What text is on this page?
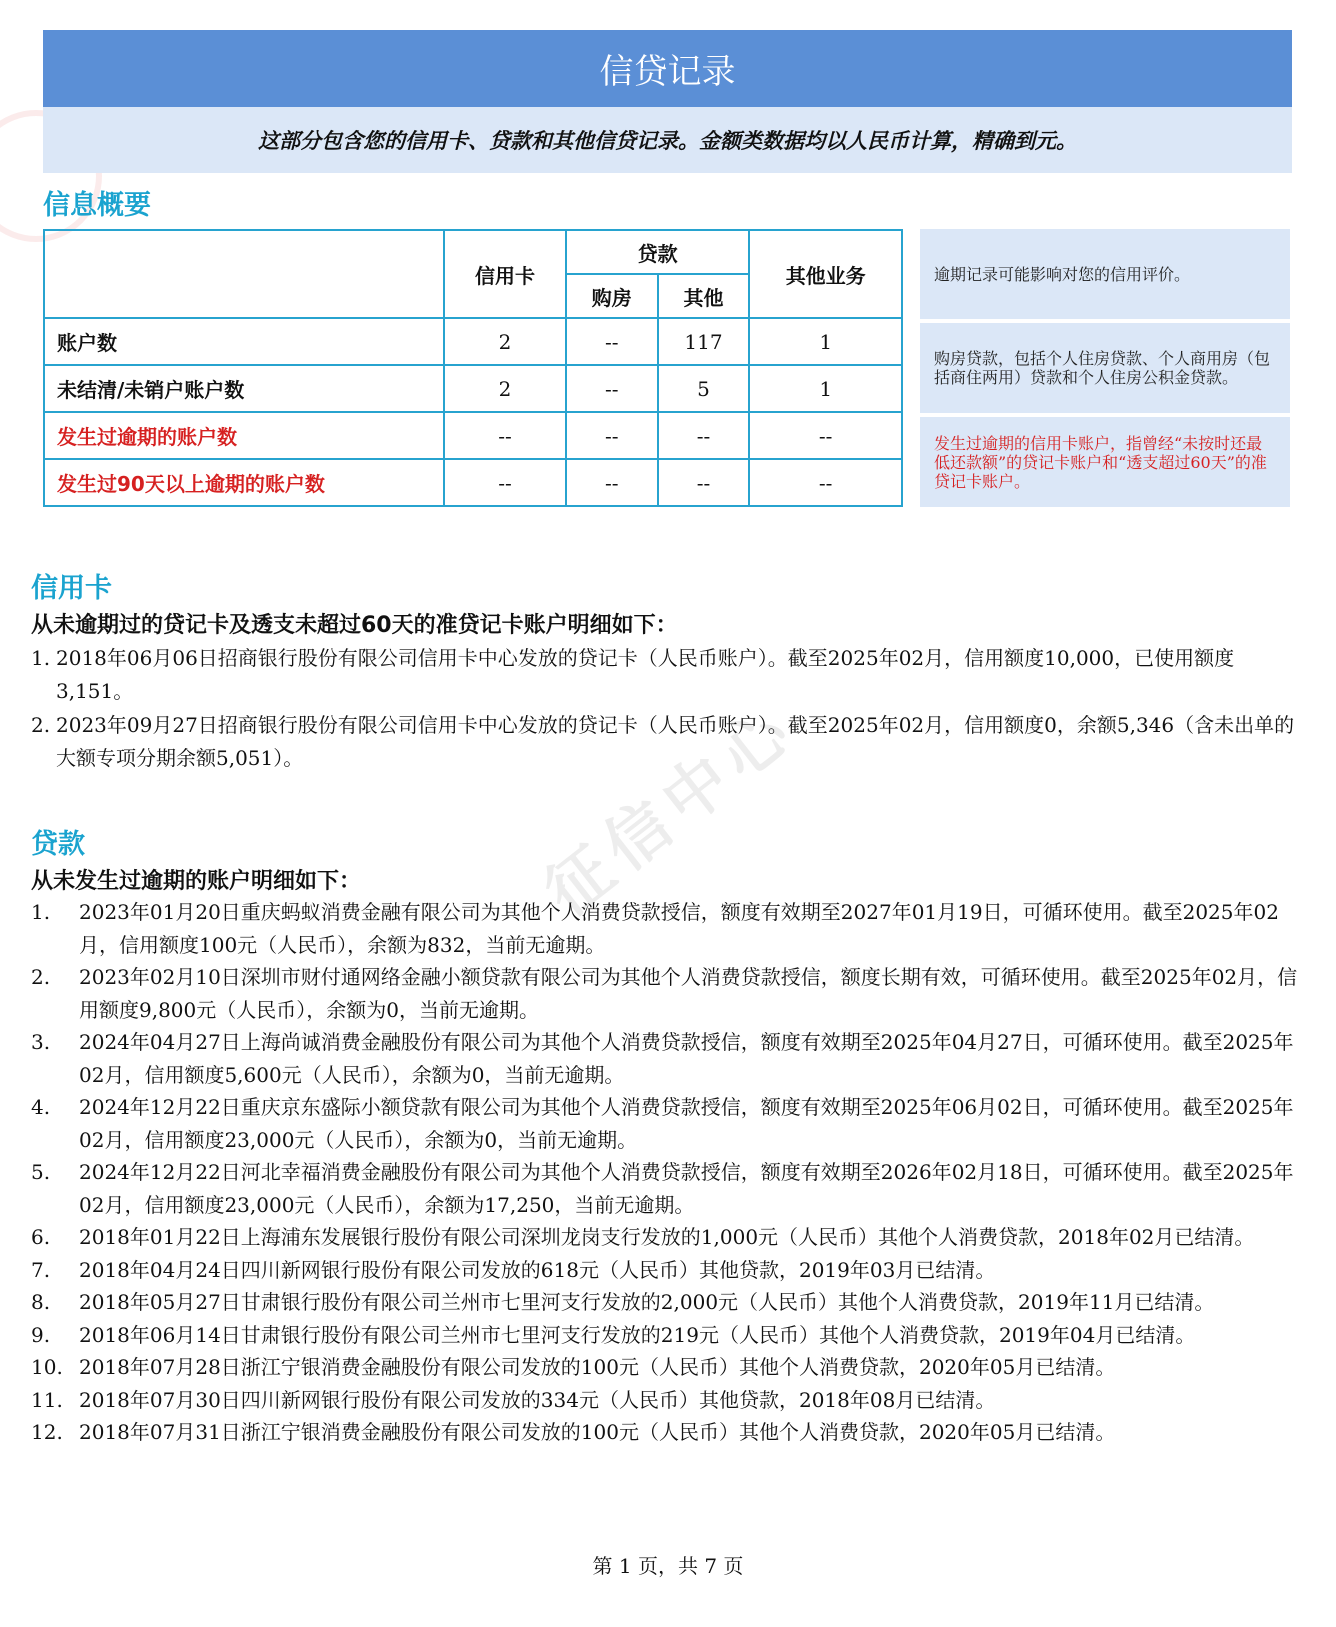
征信中心
信贷记录
这部分包含您的信用卡、贷款和其他信贷记录。金额类数据均以人民币计算，精确到元。
信息概要
	信用卡	贷款		其他业务
		购房	其他	
账户数	2	--	117	1
未结清/未销户账户数	2	--	5	1
发生过逾期的账户数	--	--	--	--
发生过90天以上逾期的账户数	--	--	--	--
逾期记录可能影响对您的信用评价。
购房贷款，包括个人住房贷款、个人商用房（包括商住两用）贷款和个人住房公积金贷款。
发生过逾期的信用卡账户，指曾经“未按时还最低还款额”的贷记卡账户和“透支超过60天”的准贷记卡账户。
信用卡
从未逾期过的贷记卡及透支未超过60天的准贷记卡账户明细如下：
1. 2018年06月06日招商银行股份有限公司信用卡中心发放的贷记卡（人民币账户）。截至2025年02月，信用额度10,000，已使用额度3,151。
2. 2023年09月27日招商银行股份有限公司信用卡中心发放的贷记卡（人民币账户）。截至2025年02月，信用额度0，余额5,346（含未出单的大额专项分期余额5,051）。
贷款
从未发生过逾期的账户明细如下：
1.	2023年01月20日重庆蚂蚁消费金融有限公司为其他个人消费贷款授信，额度有效期至2027年01月19日，可循环使用。截至2025年02月，信用额度100元（人民币），余额为832，当前无逾期。
2.	2023年02月10日深圳市财付通网络金融小额贷款有限公司为其他个人消费贷款授信，额度长期有效，可循环使用。截至2025年02月，信用额度9,800元（人民币），余额为0，当前无逾期。
3.	2024年04月27日上海尚诚消费金融股份有限公司为其他个人消费贷款授信，额度有效期至2025年04月27日，可循环使用。截至2025年02月，信用额度5,600元（人民币），余额为0，当前无逾期。
4.	2024年12月22日重庆京东盛际小额贷款有限公司为其他个人消费贷款授信，额度有效期至2025年06月02日，可循环使用。截至2025年02月，信用额度23,000元（人民币），余额为0，当前无逾期。
5.	2024年12月22日河北幸福消费金融股份有限公司为其他个人消费贷款授信，额度有效期至2026年02月18日，可循环使用。截至2025年02月，信用额度23,000元（人民币），余额为17,250，当前无逾期。
6.	2018年01月22日上海浦东发展银行股份有限公司深圳龙岗支行发放的1,000元（人民币）其他个人消费贷款，2018年02月已结清。
7.	2018年04月24日四川新网银行股份有限公司发放的618元（人民币）其他贷款，2019年03月已结清。
8.	2018年05月27日甘肃银行股份有限公司兰州市七里河支行发放的2,000元（人民币）其他个人消费贷款，2019年11月已结清。
9.	2018年06月14日甘肃银行股份有限公司兰州市七里河支行发放的219元（人民币）其他个人消费贷款，2019年04月已结清。
10. 2018年07月28日浙江宁银消费金融股份有限公司发放的100元（人民币）其他个人消费贷款，2020年05月已结清。
11. 2018年07月30日四川新网银行股份有限公司发放的334元（人民币）其他贷款，2018年08月已结清。
12. 2018年07月31日浙江宁银消费金融股份有限公司发放的100元（人民币）其他个人消费贷款，2020年05月已结清。
第 1 页，共 7 页
